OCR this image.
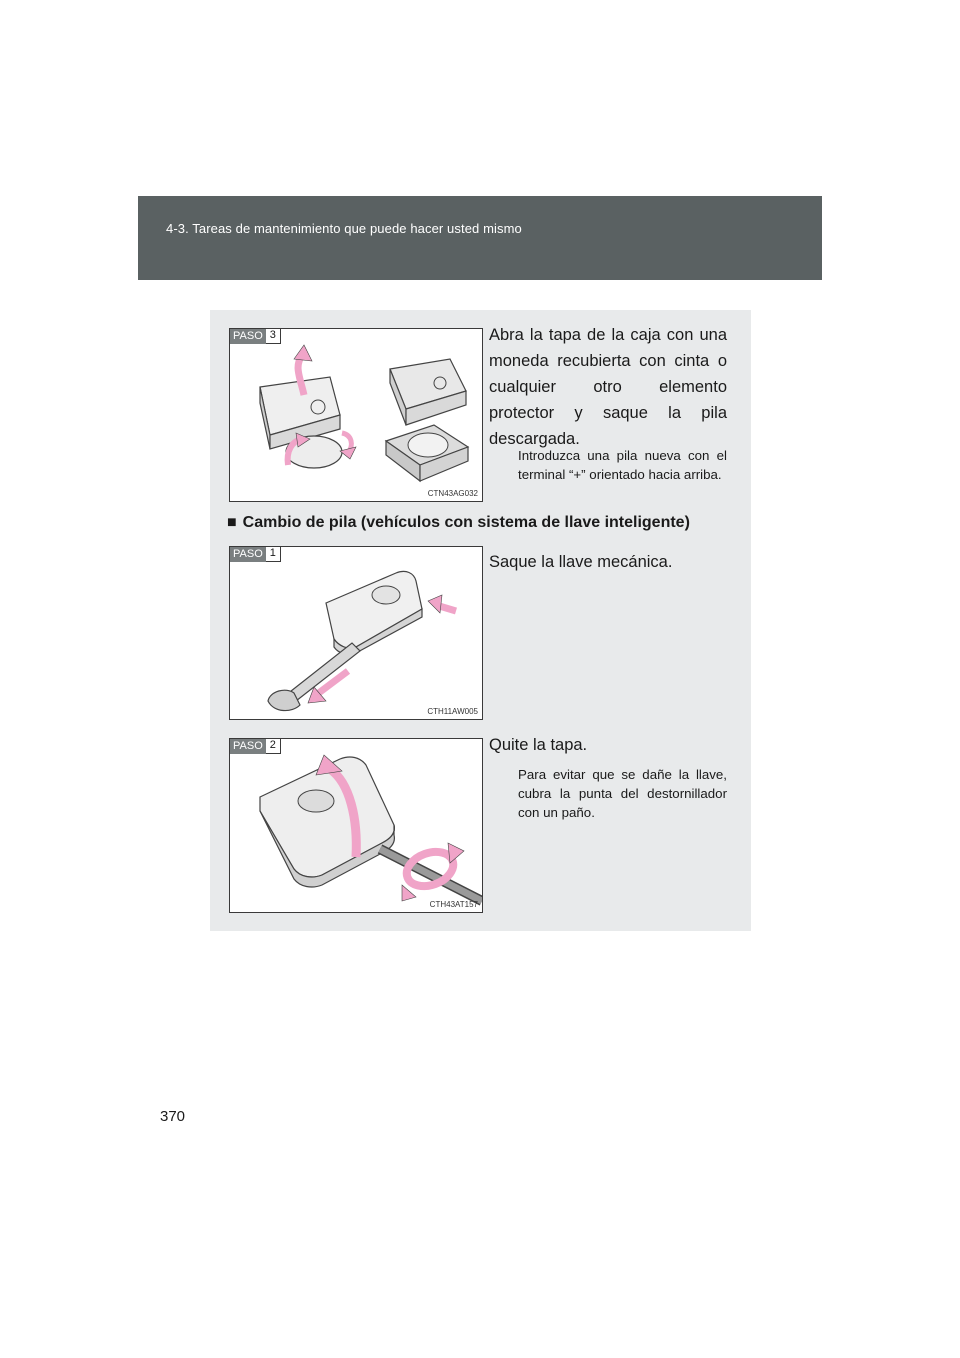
4-3. Tareas de mantenimiento que puede hacer usted mismo
PASO 3
CTN43AG032
Abra la tapa de la caja con una moneda recubierta con cinta o cualquier otro elemento protector y saque la pila descargada.
Introduzca una pila nueva con el terminal “+” orientado hacia arriba.
■ Cambio de pila (vehículos con sistema de llave inteligente)
PASO 1
CTH11AW005
Saque la llave mecánica.
PASO 2
CTH43AT157
Quite la tapa.
Para evitar que se dañe la llave, cubra la punta del destornillador con un paño.
370
